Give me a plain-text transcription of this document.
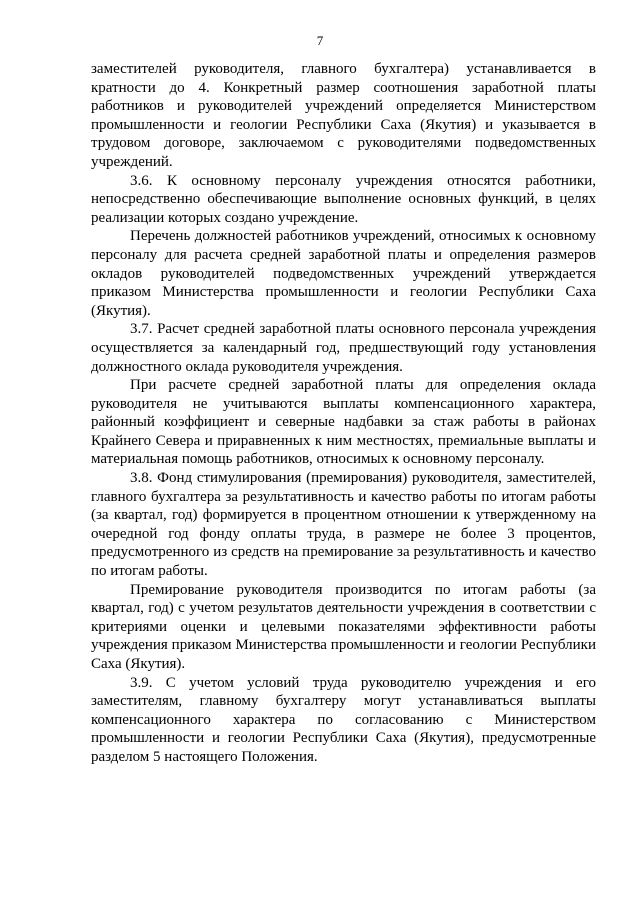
7

заместителей руководителя, главного бухгалтера) устанавливается в кратности до 4. Конкретный размер соотношения заработной платы работников и руководителей учреждений определяется Министерством промышленности и геологии Республики Саха (Якутия) и указывается в трудовом договоре, заключаемом с руководителями подведомственных учреждений.

3.6. К основному персоналу учреждения относятся работники, непосредственно обеспечивающие выполнение основных функций, в целях реализации которых создано учреждение.

Перечень должностей работников учреждений, относимых к основному персоналу для расчета средней заработной платы и определения размеров окладов руководителей подведомственных учреждений утверждается приказом Министерства промышленности и геологии Республики Саха (Якутия).

3.7. Расчет средней заработной платы основного персонала учреждения осуществляется за календарный год, предшествующий году установления должностного оклада руководителя учреждения.

При расчете средней заработной платы для определения оклада руководителя не учитываются выплаты компенсационного характера, районный коэффициент и северные надбавки за стаж работы в районах Крайнего Севера и приравненных к ним местностях, премиальные выплаты и материальная помощь работников, относимых к основному персоналу.

3.8. Фонд стимулирования (премирования) руководителя, заместителей, главного бухгалтера за результативность и качество работы по итогам работы (за квартал, год) формируется в процентном отношении к утвержденному на очередной год фонду оплаты труда, в размере не более 3 процентов, предусмотренного из средств на премирование за результативность и качество по итогам работы.

Премирование руководителя производится по итогам работы (за квартал, год) с учетом результатов деятельности учреждения в соответствии с критериями оценки и целевыми показателями эффективности работы учреждения приказом Министерства промышленности и геологии Республики Саха (Якутия).

3.9. С учетом условий труда руководителю учреждения и его заместителям, главному бухгалтеру могут устанавливаться выплаты компенсационного характера по согласованию с Министерством промышленности и геологии Республики Саха (Якутия), предусмотренные разделом 5 настоящего Положения.
